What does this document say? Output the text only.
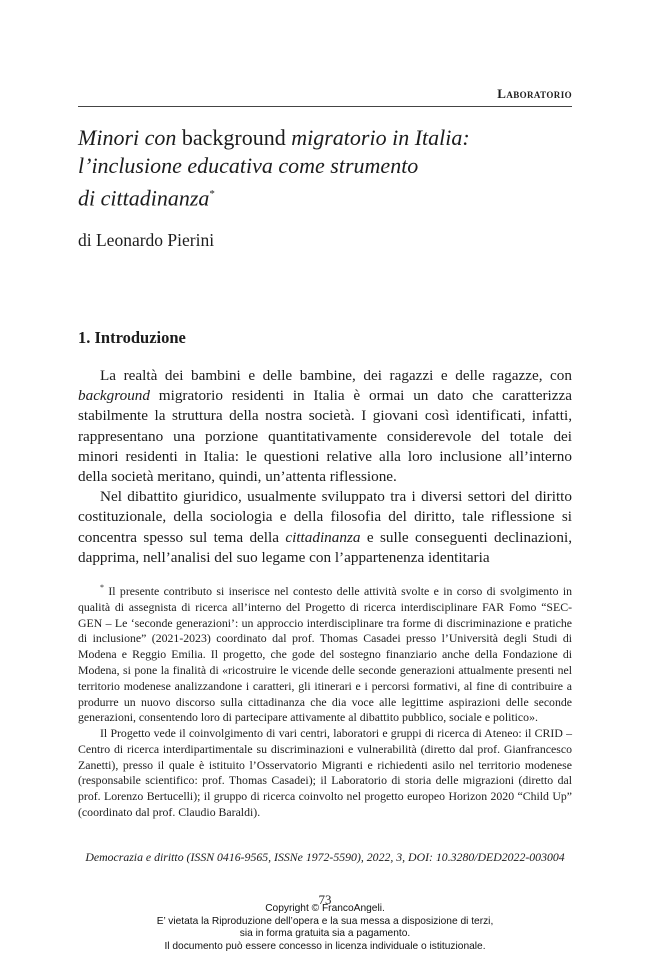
Laboratorio
Minori con background migratorio in Italia:
l’inclusione educativa come strumento
di cittadinanza*
di Leonardo Pierini
1. Introduzione

La realtà dei bambini e delle bambine, dei ragazzi e delle ragazze, con background migratorio residenti in Italia è ormai un dato che caratterizza stabilmente la struttura della nostra società. I giovani così identificati, infatti, rappresentano una porzione quantitativamente considerevole del totale dei minori residenti in Italia: le questioni relative alla loro inclusione all’interno della società meritano, quindi, un’attenta riflessione.

Nel dibattito giuridico, usualmente sviluppato tra i diversi settori del diritto costituzionale, della sociologia e della filosofia del diritto, tale riflessione si concentra spesso sul tema della cittadinanza e sulle conseguenti declinazioni, dapprima, nell’analisi del suo legame con l’appartenenza identitaria

* Il presente contributo si inserisce nel contesto delle attività svolte e in corso di svolgimento in qualità di assegnista di ricerca all’interno del Progetto di ricerca interdisciplinare FAR Fomo “SEC-GEN – Le ‘seconde generazioni’: un approccio interdisciplinare tra forme di discriminazione e pratiche di inclusione” (2021-2023) coordinato dal prof. Thomas Casadei presso l’Università degli Studi di Modena e Reggio Emilia. Il progetto, che gode del sostegno finanziario anche della Fondazione di Modena, si pone la finalità di «ricostruire le vicende delle seconde generazioni attualmente presenti nel territorio modenese analizzandone i caratteri, gli itinerari e i percorsi formativi, al fine di contribuire a produrre un nuovo discorso sulla cittadinanza che dia voce alle legittime aspirazioni delle seconde generazioni, consentendo loro di partecipare attivamente al dibattito pubblico, sociale e politico».

Il Progetto vede il coinvolgimento di vari centri, laboratori e gruppi di ricerca di Ateneo: il CRID – Centro di ricerca interdipartimentale su discriminazioni e vulnerabilità (diretto dal prof. Gianfrancesco Zanetti), presso il quale è istituito l’Osservatorio Migranti e richiedenti asilo nel territorio modenese (responsabile scientifico: prof. Thomas Casadei); il Laboratorio di storia delle migrazioni (diretto dal prof. Lorenzo Bertucelli); il gruppo di ricerca coinvolto nel progetto europeo Horizon 2020 “Child Up” (coordinato dal prof. Claudio Baraldi).

Democrazia e diritto (ISSN 0416-9565, ISSNe 1972-5590), 2022, 3, DOI: 10.3280/DED2022-003004
73
Copyright © FrancoAngeli.
E’ vietata la Riproduzione dell’opera e la sua messa a disposizione di terzi,
sia in forma gratuita sia a pagamento.
Il documento può essere concesso in licenza individuale o istituzionale.
